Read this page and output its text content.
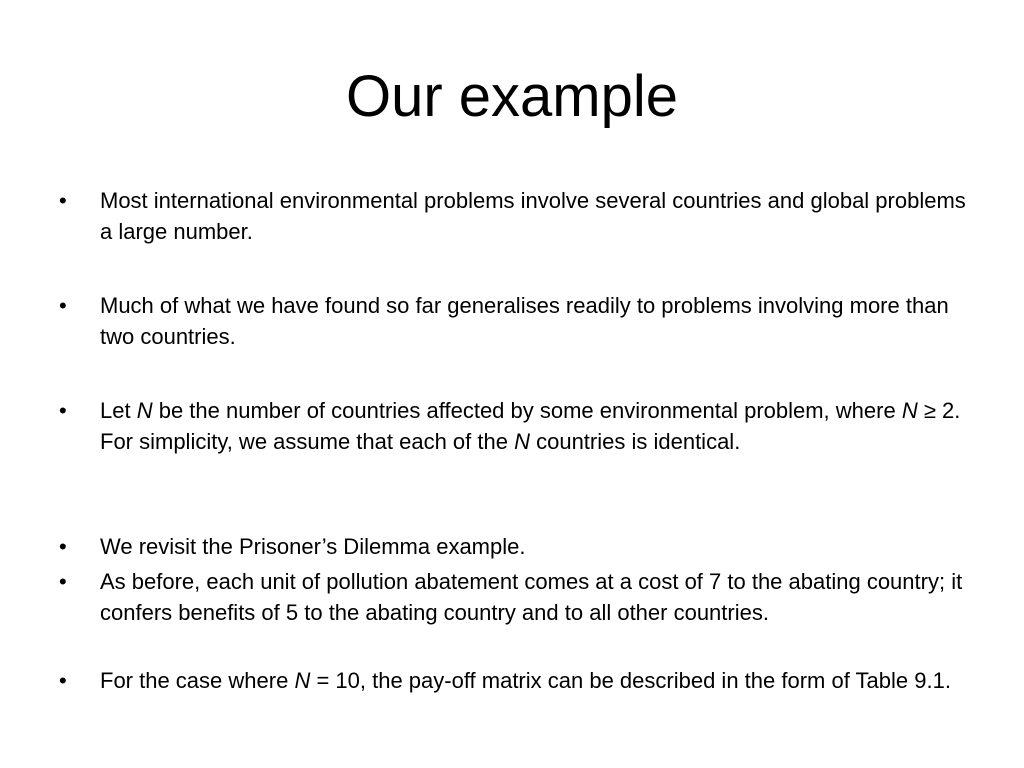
Our example
• Most international environmental problems involve several countries and global problems a large number.
• Much of what we have found so far generalises readily to problems involving more than two countries.
• Let N be the number of countries affected by some environmental problem, where N ≥ 2. For simplicity, we assume that each of the N countries is identical.
• We revisit the Prisoner’s Dilemma example.
• As before, each unit of pollution abatement comes at a cost of 7 to the abating country; it confers benefits of 5 to the abating country and to all other countries.
• For the case where N = 10, the pay-off matrix can be described in the form of Table 9.1.
